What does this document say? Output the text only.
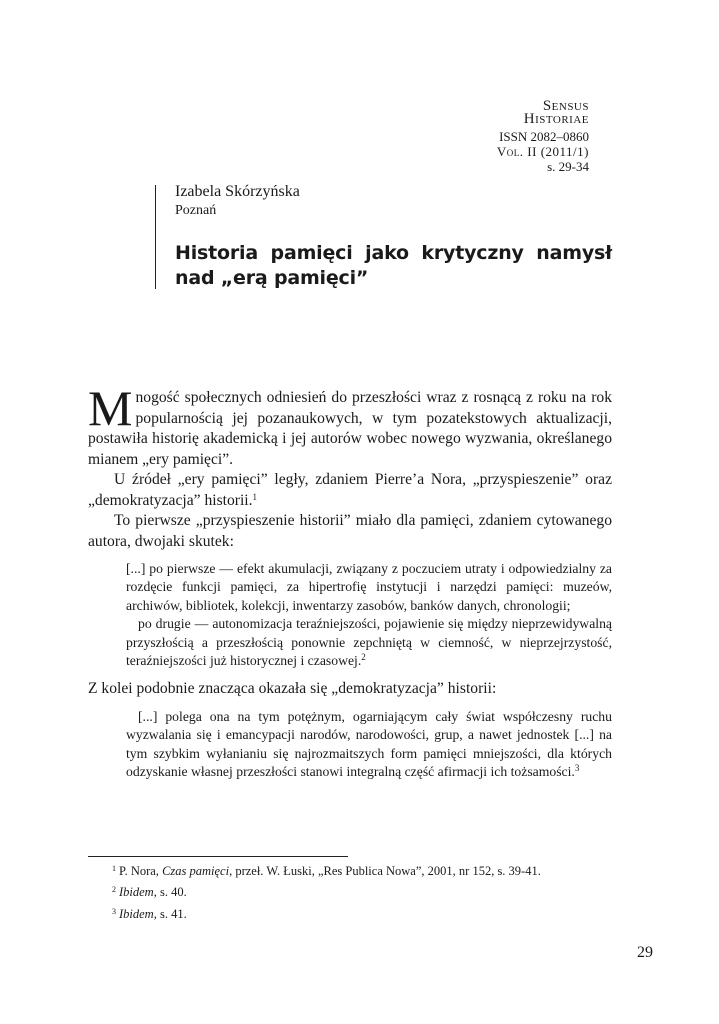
Sensus
Historiae
ISSN 2082–0860
Vol. II (2011/1)
s. 29-34
Izabela Skórzyńska
Poznań
Historia pamięci jako krytyczny namysł nad „erą pamięci”

Mnogość społecznych odniesień do przeszłości wraz z rosnącą z roku na rok popularnością jej pozanaukowych, w tym pozatekstowych aktualizacji, postawiła historię akademicką i jej autorów wobec nowego wyzwania, określanego mianem „ery pamięci”.

U źródeł „ery pamięci” legły, zdaniem Pierre’a Nora, „przyspieszenie” oraz „demokratyzacja” historii.$^1$

To pierwsze „przyspieszenie historii” miało dla pamięci, zdaniem cytowanego autora, dwojaki skutek:

[...] po pierwsze — efekt akumulacji, związany z poczuciem utraty i odpowiedzialny za rozdęcie funkcji pamięci, za hipertrofię instytucji i narzędzi pamięci: muzeów, archiwów, bibliotek, kolekcji, inwentarzy zasobów, banków danych, chronologii;

po drugie — autonomizacja teraźniejszości, pojawienie się między nieprzewidywalną przyszłością a przeszłością ponownie zepchniętą w ciemność, w nieprzejrzystość, teraźniejszości już historycznej i czasowej.$^2$

Z kolei podobnie znacząca okazała się „demokratyzacja” historii:

[...] polega ona na tym potężnym, ogarniającym cały świat współczesny ruchu wyzwalania się i emancypacji narodów, narodowości, grup, a nawet jednostek [...] na tym szybkim wyłanianiu się najrozmaitszych form pamięci mniejszości, dla których odzyskanie własnej przeszłości stanowi integralną część afirmacji ich tożsamości.$^3$

$^1$ P. Nora, Czas pamięci, przeł. W. Łuski, „Res Publica Nowa”, 2001, nr 152, s. 39-41.
$^2$ Ibidem, s. 40.
$^3$ Ibidem, s. 41.
29
